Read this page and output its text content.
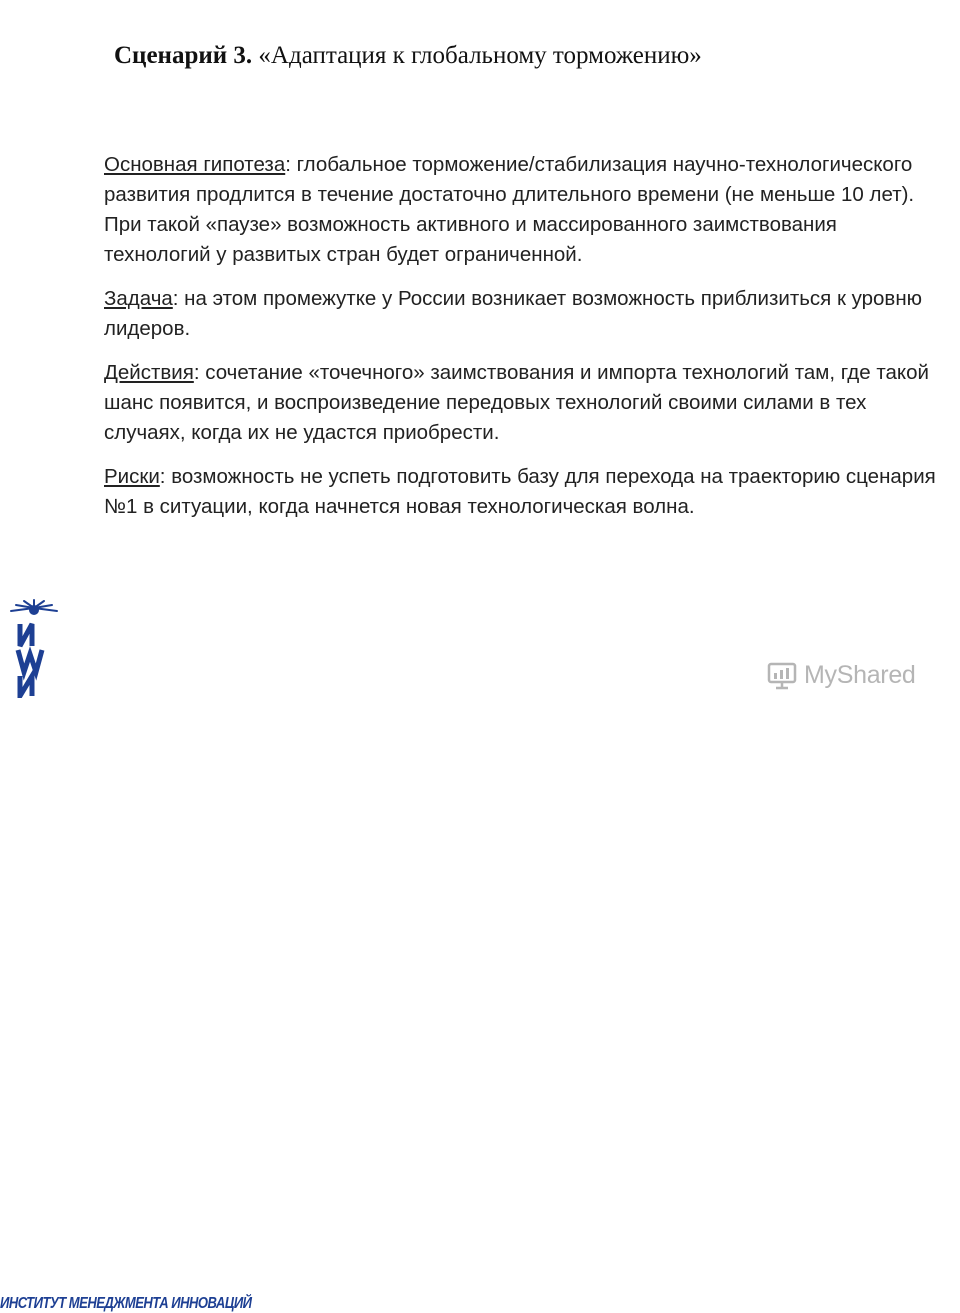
Сценарий 3. «Адаптация к глобальному торможению»

Основная гипотеза: глобальное торможение/стабилизация научно-технологического развития продлится в течение достаточно длительного времени (не меньше 10 лет). При такой «паузе» возможность активного и массированного заимствования технологий у развитых стран будет ограниченной.

Задача: на этом промежутке у России возникает возможность приблизиться к уровню лидеров.

Действия: сочетание «точечного» заимствования и импорта технологий там, где такой шанс появится, и воспроизведение передовых технологий своими силами в тех случаях, когда их не удастся приобрести.

Риски: возможность не успеть подготовить базу для перехода на траекторию сценария №1 в ситуации, когда начнется новая технологическая волна.

ИНСТИТУТ МЕНЕДЖМЕНТА ИННОВАЦИЙ
MyShared
